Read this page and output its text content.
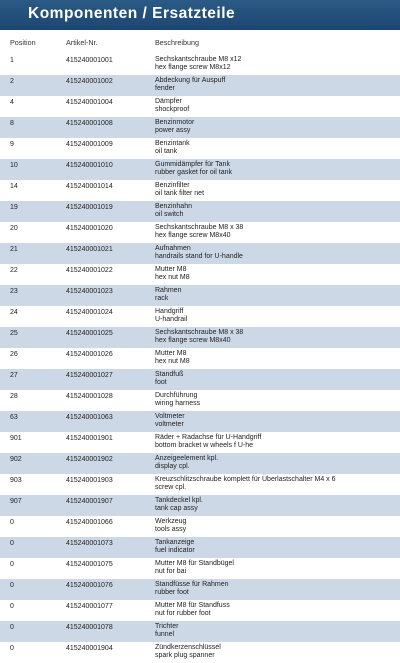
Komponenten / Ersatzteile
Position	Artikel-Nr.	Beschreibung
1	415240001001	Sechskantschraube M8 x12
hex flange screw M8x12
2	415240001002	Abdeckung für Auspuff
fender
4	415240001004	Dämpfer
shockproof
8	415240001008	Benzinmotor
power assy
9	415240001009	Benzintank
oil tank
10	415240001010	Gummidämpfer für Tank
rubber gasket for oil tank
14	415240001014	Benzinfilter
oil tank filter net
19	415240001019	Benzinhahn
oil switch
20	415240001020	Sechskantschraube M8 x 38
hex flange screw M8x40
21	415240001021	Aufnahmen
handrails stand for U-handle
22	415240001022	Mutter M8
hex nut M8
23	415240001023	Rahmen
rack
24	415240001024	Handgriff
U-handrail
25	415240001025	Sechskantschraube M8 x 38
hex flange screw M8x40
26	415240001026	Mutter M8
hex nut M8
27	415240001027	Standfuß
foot
28	415240001028	Durchführung
wiring harness
63	415240001063	Voltmeter
voltmeter
901	415240001901	Räder + Radachse für U-Handgriff
bottom bracket w wheels f U-he
902	415240001902	Anzeigeelement kpl.
display cpl.
903	415240001903	Kreuzschlitzschraube komplett für Überlastschalter M4 x 6
screw cpl.
907	415240001907	Tankdeckel kpl.
tank cap assy
0	415240001066	Werkzeug
tools assy
0	415240001073	Tankanzeige
fuel indicator
0	415240001075	Mutter M8 für Standbügel
nut for bai
0	415240001076	Standfüsse für Rahmen
rubber foot
0	415240001077	Mutter M8 für Standfuss
nut for rubber foot
0	415240001078	Trichter
funnel
0	415240001904	Zündkerzenschlüssel
spark plug spanner
